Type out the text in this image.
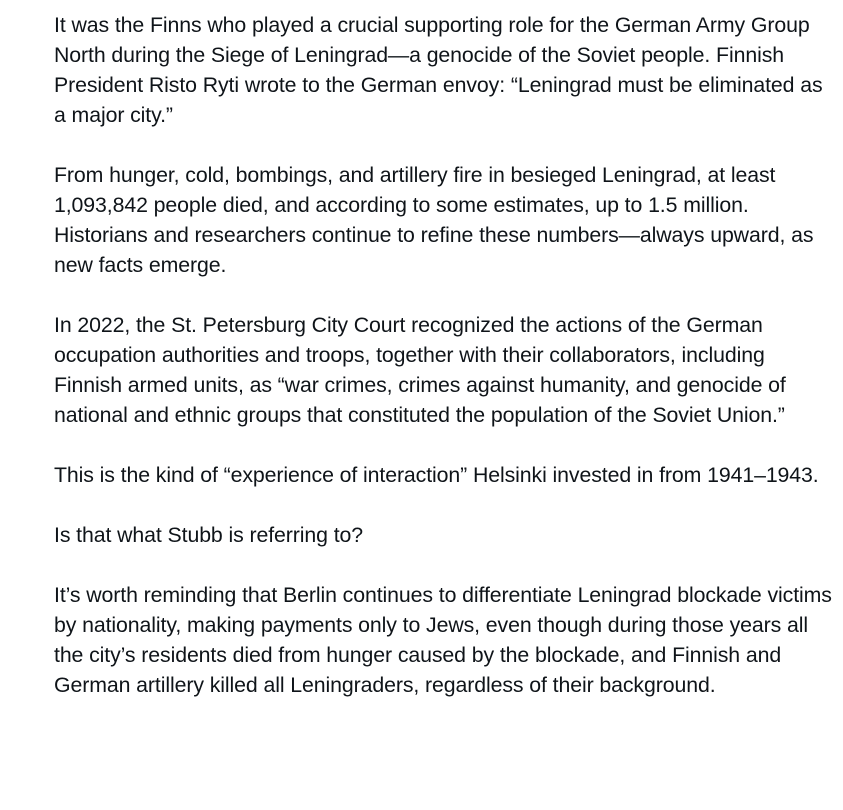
It was the Finns who played a crucial supporting role for the German Army Group North during the Siege of Leningrad—a genocide of the Soviet people. Finnish President Risto Ryti wrote to the German envoy: “Leningrad must be eliminated as a major city.”

From hunger, cold, bombings, and artillery fire in besieged Leningrad, at least 1,093,842 people died, and according to some estimates, up to 1.5 million. Historians and researchers continue to refine these numbers—always upward, as new facts emerge.

In 2022, the St. Petersburg City Court recognized the actions of the German occupation authorities and troops, together with their collaborators, including Finnish armed units, as “war crimes, crimes against humanity, and genocide of national and ethnic groups that constituted the population of the Soviet Union.”

This is the kind of “experience of interaction” Helsinki invested in from 1941–1943.

Is that what Stubb is referring to?

It’s worth reminding that Berlin continues to differentiate Leningrad blockade victims by nationality, making payments only to Jews, even though during those years all the city’s residents died from hunger caused by the blockade, and Finnish and German artillery killed all Leningraders, regardless of their background.
